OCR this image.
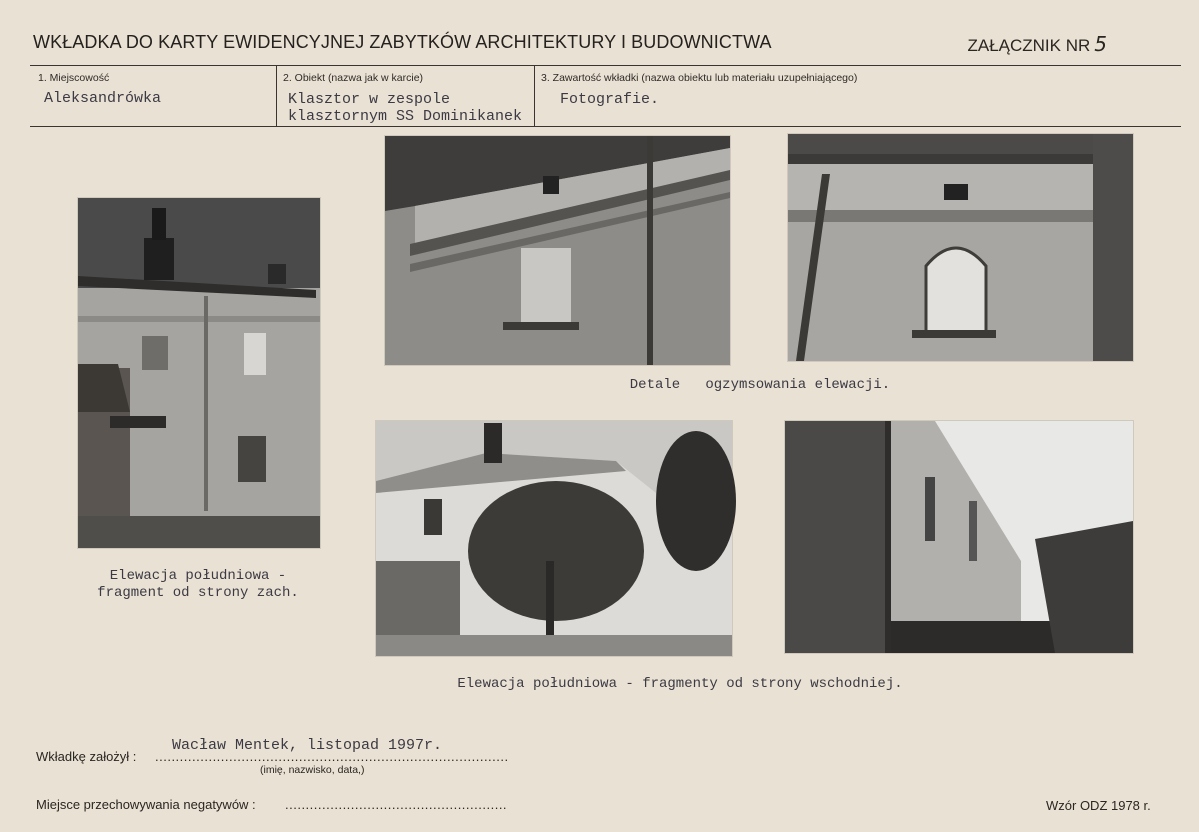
WKŁADKA DO KARTY EWIDENCYJNEJ ZABYTKÓW ARCHITEKTURY I BUDOWNICTWA	ZAŁĄCZNIK NR 5
1. Miejscowość
Aleksandrówka
2. Obiekt (nazwa jak w karcie)
Klasztor w zespole
klasztornym SS Dominikanek
3. Zawartość wkładki (nazwa obiektu lub materiału uzupełniającego)
Fotografie.
Elewacja południowa -
fragment od strony zach.
Detale   ogzymsowania elewacji.
Elewacja południowa - fragmenty od strony wschodniej.
Wkładkę założył : ......................................................................................
Wacław Mentek, listopad 1997r.
(imię, nazwisko, data,)
Miejsce przechowywania negatywów : ......................................................	Wzór ODZ 1978 r.
